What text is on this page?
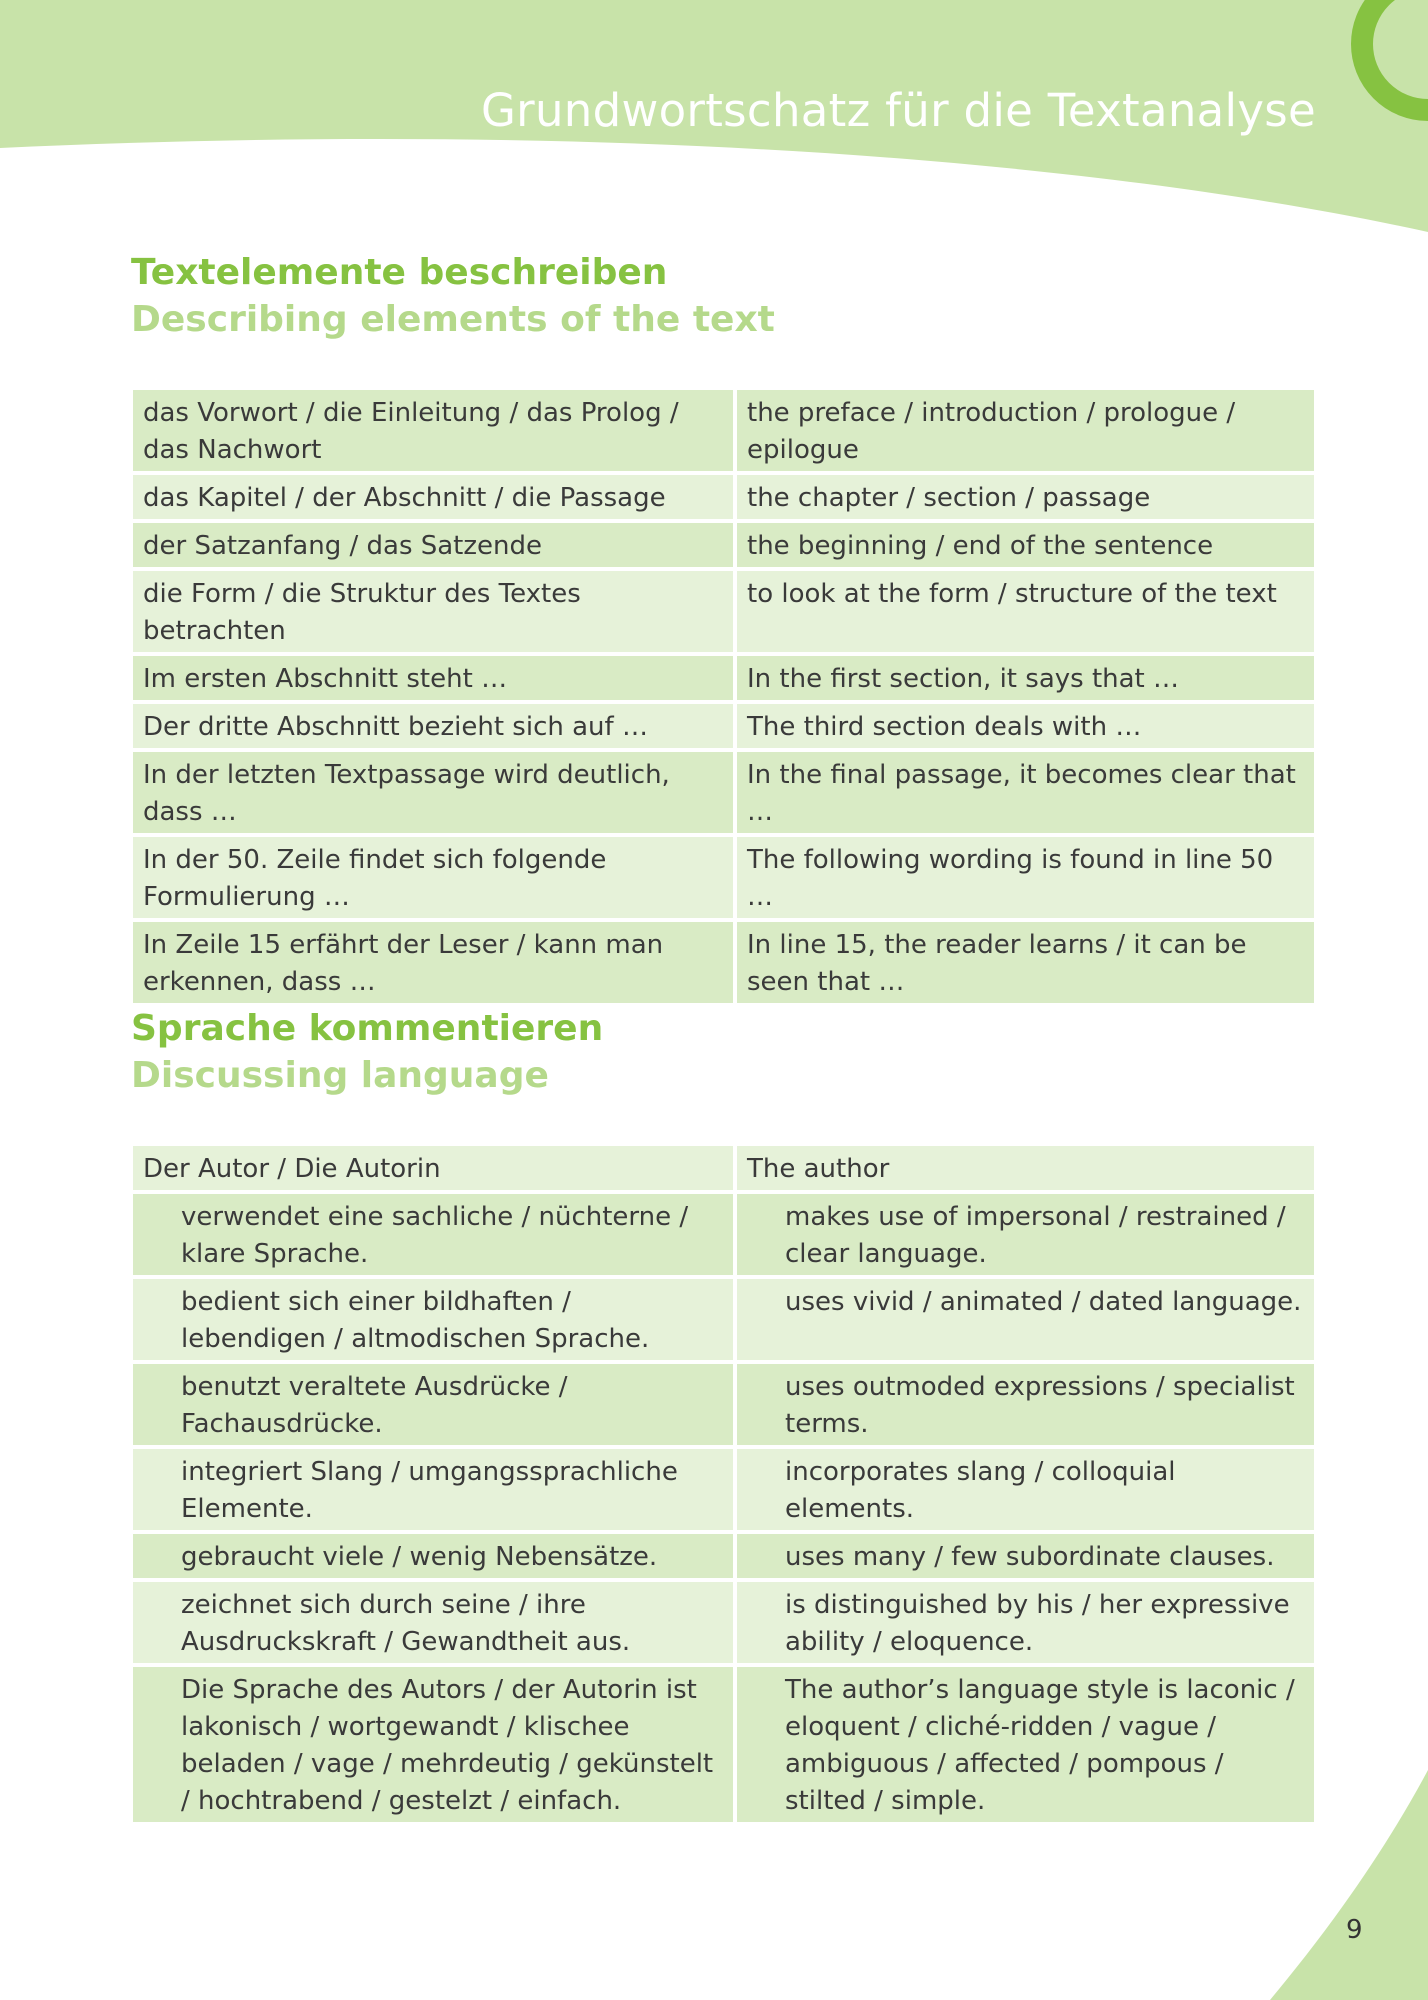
Grundwortschatz für die Textanalyse
Textelemente beschreiben
Describing elements of the text
das Vorwort / die Einleitung / das Prolog / das Nachwort	the preface / introduction / prologue / epilogue
das Kapitel / der Abschnitt / die Passage	the chapter / section / passage
der Satzanfang / das Satzende	the beginning / end of the sentence
die Form / die Struktur des Textes betrachten	to look at the form / structure of the text
Im ersten Abschnitt steht …	In the first section, it says that …
Der dritte Abschnitt bezieht sich auf …	The third section deals with …
In der letzten Textpassage wird deutlich, dass …	In the final passage, it becomes clear that …
In der 50. Zeile findet sich folgende Formulierung …	The following wording is found in line 50 …
In Zeile 15 erfährt der Leser / kann man erkennen, dass …	In line 15, the reader learns / it can be seen that …
Sprache kommentieren
Discussing language
Der Autor / Die Autorin	The author
verwendet eine sachliche / nüchterne / klare Sprache.	makes use of impersonal / restrained / clear language.
bedient sich einer bildhaften / lebendigen / altmodischen Sprache.	uses vivid / animated / dated language.
benutzt veraltete Ausdrücke / Fachausdrücke.	uses outmoded expressions / specialist terms.
integriert Slang / umgangssprachliche Elemente.	incorporates slang / colloquial elements.
gebraucht viele / wenig Nebensätze.	uses many / few subordinate clauses.
zeichnet sich durch seine / ihre Ausdruckskraft / Gewandtheit aus.	is distinguished by his / her expressive ability / eloquence.
Die Sprache des Autors / der Autorin ist lakonisch / wortgewandt / klischee beladen / vage / mehrdeutig / gekünstelt / hochtrabend / gestelzt / einfach.	The author’s language style is laconic / eloquent / cliché-ridden / vague / ambiguous / affected / pompous / stilted / simple.
9
